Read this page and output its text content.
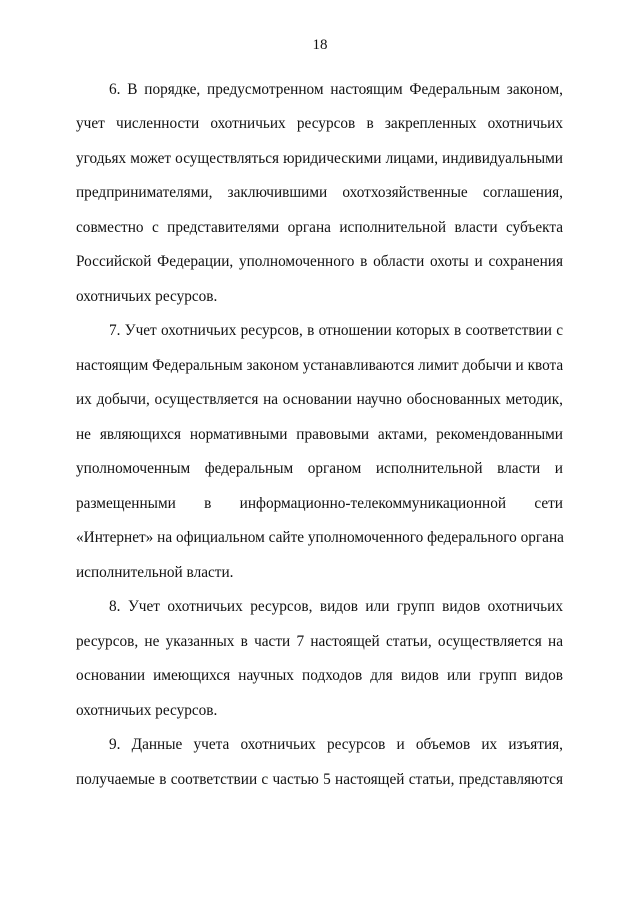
18
6. В порядке, предусмотренном настоящим Федеральным законом,
учет численности охотничьих ресурсов в закрепленных охотничьих
угодьях может осуществляться юридическими лицами, индивидуальными
предпринимателями, заключившими охотхозяйственные соглашения,
совместно с представителями органа исполнительной власти субъекта
Российской Федерации, уполномоченного в области охоты и сохранения
охотничьих ресурсов.
7. Учет охотничьих ресурсов, в отношении которых в соответствии с
настоящим Федеральным законом устанавливаются лимит добычи и квота
их добычи, осуществляется на основании научно обоснованных методик,
не являющихся нормативными правовыми актами, рекомендованными
уполномоченным федеральным органом исполнительной власти и
размещенными в информационно-телекоммуникационной сети
«Интернет» на официальном сайте уполномоченного федерального органа
исполнительной власти.
8. Учет охотничьих ресурсов, видов или групп видов охотничьих
ресурсов, не указанных в части 7 настоящей статьи, осуществляется на
основании имеющихся научных подходов для видов или групп видов
охотничьих ресурсов.
9. Данные учета охотничьих ресурсов и объемов их изъятия,
получаемые в соответствии с частью 5 настоящей статьи, представляются
